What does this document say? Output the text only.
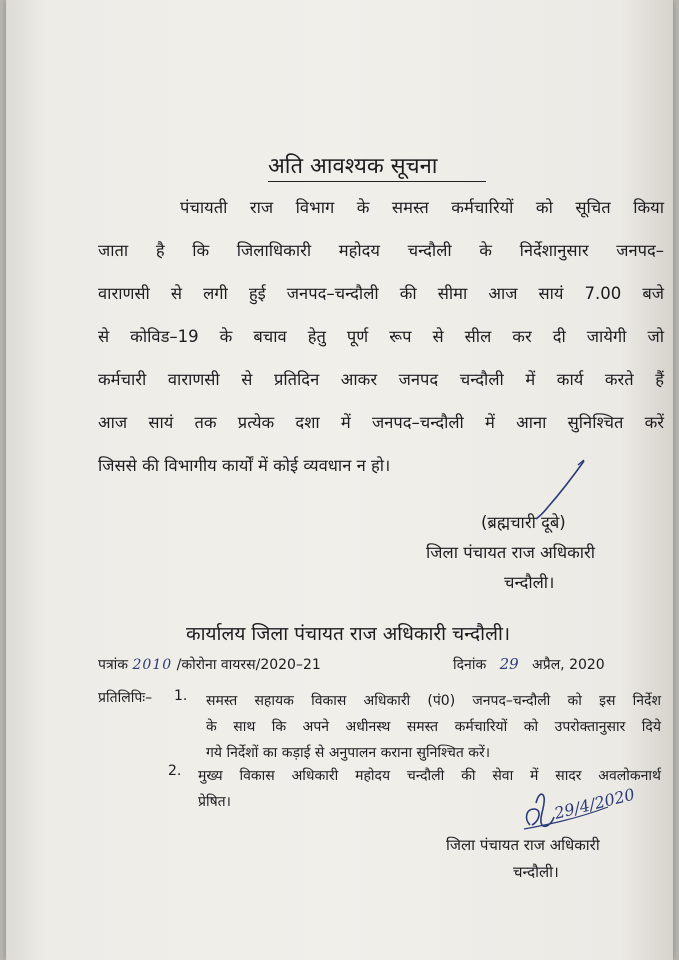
अति आवश्यक सूचना

पंचायती राज विभाग के समस्त कर्मचारियों को सूचित किया
जाता है कि जिलाधिकारी महोदय चन्दौली के निर्देशानुसार जनपद–
वाराणसी से लगी हुई जनपद–चन्दौली की सीमा आज सायं 7.00 बजे
से कोविड–19 के बचाव हेतु पूर्ण रूप से सील कर दी जायेगी जो
कर्मचारी वाराणसी से प्रतिदिन आकर जनपद चन्दौली में कार्य करते हैं
आज सायं तक प्रत्येक दशा में जनपद–चन्दौली में आना सुनिश्चित करें
जिससे की विभागीय कार्यों में कोई व्यवधान न हो।

(ब्रह्मचारी दूबे)

जिला पंचायत राज अधिकारी

चन्दौली।

कार्यालय जिला पंचायत राज अधिकारी चन्दौली।

पत्रांक 2010 /कोरोना वायरस/2020–21	दिनांक 29 अप्रैल, 2020

प्रतिलिपिः– 1. समस्त सहायक विकास अधिकारी (पं0) जनपद–चन्दौली को इस निर्देश
के साथ कि अपने अधीनस्थ समस्त कर्मचारियों को उपरोक्तानुसार दिये
गये निर्देशों का कड़ाई से अनुपालन कराना सुनिश्चित करें।

2. मुख्य विकास अधिकारी महोदय चन्दौली की सेवा में सादर अवलोकनार्थ
प्रेषित।	29/4/2020

जिला पंचायत राज अधिकारी

चन्दौली।
